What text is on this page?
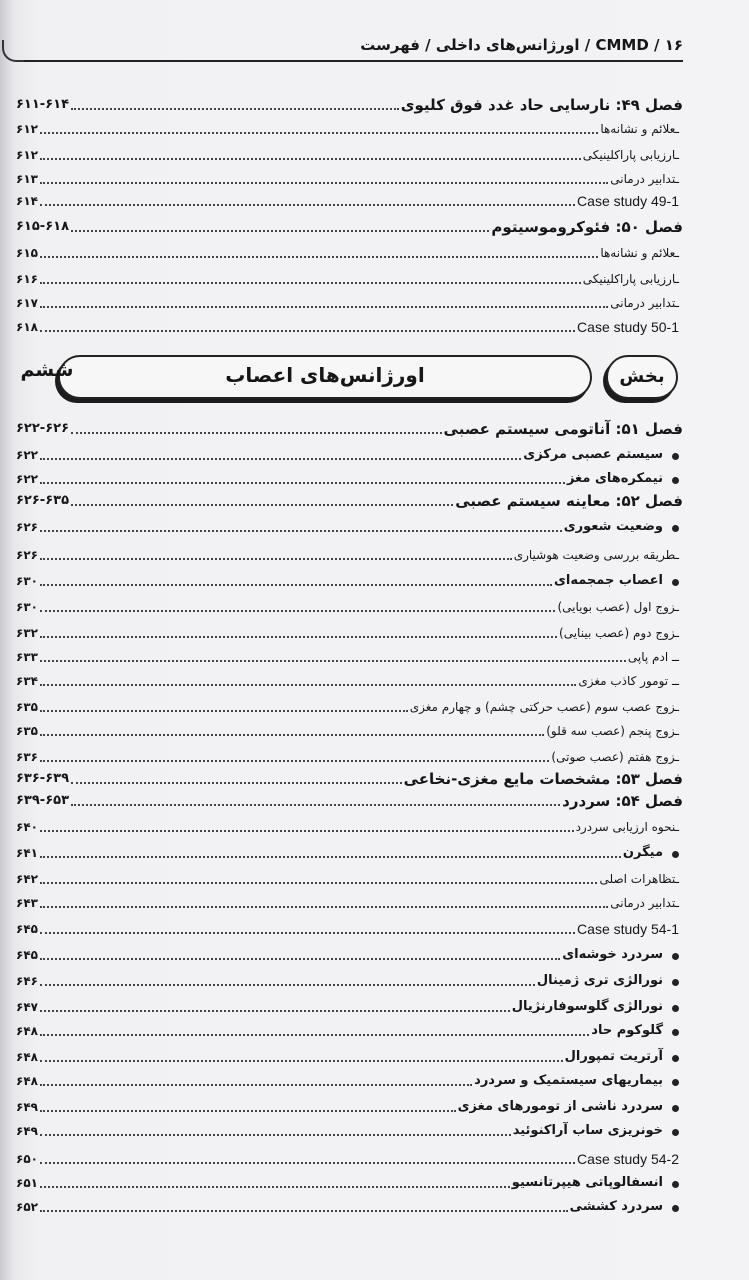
CMMD / ۱۶ / اورژانس‌های داخلی / فهرست
بخش
اورژانس‌های اعصاب
ششم
فصل ۴۹: نارسایی حاد غدد فوق کلیوی
۶۱۱-۶۱۴
ـ علائم و نشانه‌ها
۶۱۲
ـ ارزیابی پاراکلینیکی
۶۱۲
ـ تدابیر درمانی
۶۱۳
Case study 49-1
۶۱۴
فصل ۵۰: فئوکروموسیتوم
۶۱۵-۶۱۸
ـ علائم و نشانه‌ها
۶۱۵
ـ ارزیابی پاراکلینیکی
۶۱۶
ـ تدابیر درمانی
۶۱۷
Case study 50-1
۶۱۸
فصل ۵۱: آناتومی سیستم عصبی
۶۲۲-۶۲۶
سیستم عصبی مرکزی
۶۲۲
نیمکره‌های مغز
۶۲۲
فصل ۵۲: معاینه سیستم عصبی
۶۲۶-۶۳۵
وضعیت شعوری
۶۲۶
ـ طریقه بررسی وضعیت هوشیاری
۶۲۶
اعصاب جمجمه‌ای
۶۳۰
ـ زوج اول (عصب بویایی)
۶۳۰
ـ زوج دوم (عصب بینایی)
۶۳۲
ـ ـ ادم پاپی
۶۳۳
ـ ـ تومور کاذب مغزی
۶۳۴
ـ زوج عصب سوم (عصب حرکتی چشم) و چهارم مغزی
۶۳۵
ـ زوج پنجم (عصب سه قلو)
۶۳۵
ـ زوج هفتم (عصب صوتی)
۶۳۶
فصل ۵۳: مشخصات مایع مغزی-نخاعی
۶۳۶-۶۳۹
فصل ۵۴: سردرد
۶۳۹-۶۵۳
ـ نحوه ارزیابی سردرد
۶۴۰
میگرن
۶۴۱
ـ تظاهرات اصلی
۶۴۲
ـ تدابیر درمانی
۶۴۳
Case study 54-1
۶۴۵
سردرد خوشه‌ای
۶۴۵
نورالژی تری ژمینال
۶۴۶
نورالژی گلوسوفارنژیال
۶۴۷
گلوکوم حاد
۶۴۸
آرتریت تمپورال
۶۴۸
بیماریهای سیستمیک و سردرد
۶۴۸
سردرد ناشی از تومورهای مغزی
۶۴۹
خونریزی ساب آراکنوئید
۶۴۹
Case study 54-2
۶۵۰
انسفالوپاتی هیپرتانسیو
۶۵۱
سردرد کششی
۶۵۲
